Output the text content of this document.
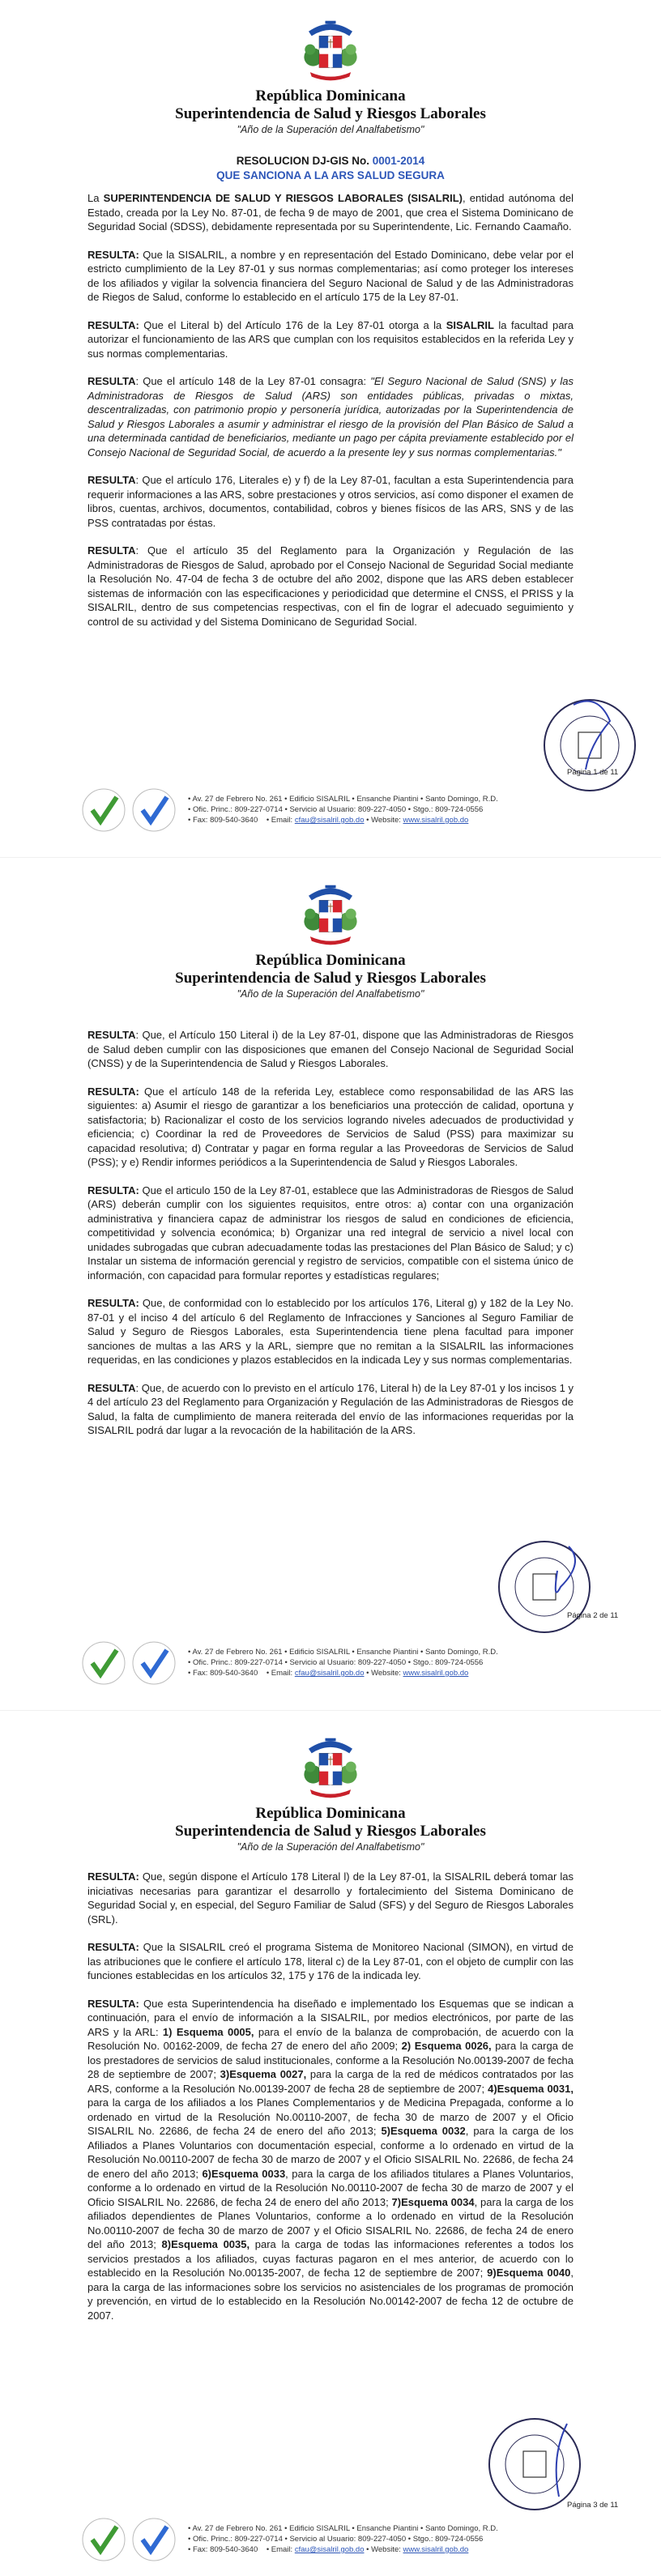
República Dominicana
Superintendencia de Salud y Riesgos Laborales
"Año de la Superación del Analfabetismo"
RESOLUCION DJ-GIS No. 0001-2014
QUE SANCIONA A LA ARS SALUD SEGURA

La SUPERINTENDENCIA DE SALUD Y RIESGOS LABORALES (SISALRIL), entidad autónoma del Estado, creada por la Ley No. 87-01, de fecha 9 de mayo de 2001, que crea el Sistema Dominicano de Seguridad Social (SDSS), debidamente representada por su Superintendente, Lic. Fernando Caamaño.

RESULTA: Que la SISALRIL, a nombre y en representación del Estado Dominicano, debe velar por el estricto cumplimiento de la Ley 87-01 y sus normas complementarias; así como proteger los intereses de los afiliados y vigilar la solvencia financiera del Seguro Nacional de Salud y de las Administradoras de Riegos de Salud, conforme lo establecido en el artículo 175 de la Ley 87-01.

RESULTA: Que el Literal b) del Artículo 176 de la Ley 87-01 otorga a la SISALRIL la facultad para autorizar el funcionamiento de las ARS que cumplan con los requisitos establecidos en la referida Ley y sus normas complementarias.

RESULTA: Que el artículo 148 de la Ley 87-01 consagra: "El Seguro Nacional de Salud (SNS) y las Administradoras de Riesgos de Salud (ARS) son entidades públicas, privadas o mixtas, descentralizadas, con patrimonio propio y personería jurídica, autorizadas por la Superintendencia de Salud y Riesgos Laborales a asumir y administrar el riesgo de la provisión del Plan Básico de Salud a una determinada cantidad de beneficiarios, mediante un pago per cápita previamente establecido por el Consejo Nacional de Seguridad Social, de acuerdo a la presente ley y sus normas complementarias."

RESULTA: Que el artículo 176, Literales e) y f) de la Ley 87-01, facultan a esta Superintendencia para requerir informaciones a las ARS, sobre prestaciones y otros servicios, así como disponer el examen de libros, cuentas, archivos, documentos, contabilidad, cobros y bienes físicos de las ARS, SNS y de las PSS contratadas por éstas.

RESULTA: Que el artículo 35 del Reglamento para la Organización y Regulación de las Administradoras de Riesgos de Salud, aprobado por el Consejo Nacional de Seguridad Social mediante la Resolución No. 47-04 de fecha 3 de octubre del año 2002, dispone que las ARS deben establecer sistemas de información con las especificaciones y periodicidad que determine el CNSS, el PRISS y la SISALRIL, dentro de sus competencias respectivas, con el fin de lograr el adecuado seguimiento y control de su actividad y del Sistema Dominicano de Seguridad Social.

Página 1 de 11
• Av. 27 de Febrero No. 261 • Edificio SISALRIL • Ensanche Piantini • Santo Domingo, R.D.
• Ofic. Princ.: 809-227-0714 • Servicio al Usuario: 809-227-4050 • Stgo.: 809-724-0556
• Fax: 809-540-3640 • Email: cfau@sisalril.gob.do • Website: www.sisalril.gob.do
República Dominicana
Superintendencia de Salud y Riesgos Laborales
"Año de la Superación del Analfabetismo"

RESULTA: Que, el Artículo 150 Literal i) de la Ley 87-01, dispone que las Administradoras de Riesgos de Salud deben cumplir con las disposiciones que emanen del Consejo Nacional de Seguridad Social (CNSS) y de la Superintendencia de Salud y Riesgos Laborales.

RESULTA: Que el artículo 148 de la referida Ley, establece como responsabilidad de las ARS las siguientes: a) Asumir el riesgo de garantizar a los beneficiarios una protección de calidad, oportuna y satisfactoria; b) Racionalizar el costo de los servicios logrando niveles adecuados de productividad y eficiencia; c) Coordinar la red de Proveedores de Servicios de Salud (PSS) para maximizar su capacidad resolutiva; d) Contratar y pagar en forma regular a las Proveedoras de Servicios de Salud (PSS); y e) Rendir informes periódicos a la Superintendencia de Salud y Riesgos Laborales.

RESULTA: Que el articulo 150 de la Ley 87-01, establece que las Administradoras de Riesgos de Salud (ARS) deberán cumplir con los siguientes requisitos, entre otros: a) contar con una organización administrativa y financiera capaz de administrar los riesgos de salud en condiciones de eficiencia, competitividad y solvencia económica; b) Organizar una red integral de servicio a nivel local con unidades subrogadas que cubran adecuadamente todas las prestaciones del Plan Básico de Salud; y c) Instalar un sistema de información gerencial y registro de servicios, compatible con el sistema único de información, con capacidad para formular reportes y estadísticas regulares;

RESULTA: Que, de conformidad con lo establecido por los artículos 176, Literal g) y 182 de la Ley No. 87-01 y el inciso 4 del artículo 6 del Reglamento de Infracciones y Sanciones al Seguro Familiar de Salud y Seguro de Riesgos Laborales, esta Superintendencia tiene plena facultad para imponer sanciones de multas a las ARS y la ARL, siempre que no remitan a la SISALRIL las informaciones requeridas, en las condiciones y plazos establecidos en la indicada Ley y sus normas complementarias.

RESULTA: Que, de acuerdo con lo previsto en el artículo 176, Literal h) de la Ley 87-01 y los incisos 1 y 4 del artículo 23 del Reglamento para Organización y Regulación de las Administradoras de Riesgos de Salud, la falta de cumplimiento de manera reiterada del envío de las informaciones requeridas por la SISALRIL podrá dar lugar a la revocación de la habilitación de la ARS.

Página 2 de 11
• Av. 27 de Febrero No. 261 • Edificio SISALRIL • Ensanche Piantini • Santo Domingo, R.D.
• Ofic. Princ.: 809-227-0714 • Servicio al Usuario: 809-227-4050 • Stgo.: 809-724-0556
• Fax: 809-540-3640 • Email: cfau@sisalril.gob.do • Website: www.sisalril.gob.do
República Dominicana
Superintendencia de Salud y Riesgos Laborales
"Año de la Superación del Analfabetismo"

RESULTA: Que, según dispone el Artículo 178 Literal l) de la Ley 87-01, la SISALRIL deberá tomar las iniciativas necesarias para garantizar el desarrollo y fortalecimiento del Sistema Dominicano de Seguridad Social y, en especial, del Seguro Familiar de Salud (SFS) y del Seguro de Riesgos Laborales (SRL).

RESULTA: Que la SISALRIL creó el programa Sistema de Monitoreo Nacional (SIMON), en virtud de las atribuciones que le confiere el artículo 178, literal c) de la Ley 87-01, con el objeto de cumplir con las funciones establecidas en los artículos 32, 175 y 176 de la indicada ley.

RESULTA: Que esta Superintendencia ha diseñado e implementado los Esquemas que se indican a continuación, para el envío de información a la SISALRIL, por medios electrónicos, por parte de las ARS y la ARL: 1) Esquema 0005, para el envío de la balanza de comprobación, de acuerdo con la Resolución No. 00162-2009, de fecha 27 de enero del año 2009; 2) Esquema 0026, para la carga de los prestadores de servicios de salud institucionales, conforme a la Resolución No.00139-2007 de fecha 28 de septiembre de 2007; 3)Esquema 0027, para la carga de la red de médicos contratados por las ARS, conforme a la Resolución No.00139-2007 de fecha 28 de septiembre de 2007; 4)Esquema 0031, para la carga de los afiliados a los Planes Complementarios y de Medicina Prepagada, conforme a lo ordenado en virtud de la Resolución No.00110-2007, de fecha 30 de marzo de 2007 y el Oficio SISALRIL No. 22686, de fecha 24 de enero del año 2013; 5)Esquema 0032, para la carga de los Afiliados a Planes Voluntarios con documentación especial, conforme a lo ordenado en virtud de la Resolución No.00110-2007 de fecha 30 de marzo de 2007 y el Oficio SISALRIL No. 22686, de fecha 24 de enero del año 2013; 6)Esquema 0033, para la carga de los afiliados titulares a Planes Voluntarios, conforme a lo ordenado en virtud de la Resolución No.00110-2007 de fecha 30 de marzo de 2007 y el Oficio SISALRIL No. 22686, de fecha 24 de enero del año 2013; 7)Esquema 0034, para la carga de los afiliados dependientes de Planes Voluntarios, conforme a lo ordenado en virtud de la Resolución No.00110-2007 de fecha 30 de marzo de 2007 y el Oficio SISALRIL No. 22686, de fecha 24 de enero del año 2013; 8)Esquema 0035, para la carga de todas las informaciones referentes a todos los servicios prestados a los afiliados, cuyas facturas pagaron en el mes anterior, de acuerdo con lo establecido en la Resolución No.00135-2007, de fecha 12 de septiembre de 2007; 9)Esquema 0040, para la carga de las informaciones sobre los servicios no asistenciales de los programas de promoción y prevención, en virtud de lo establecido en la Resolución No.00142-2007 de fecha 12 de octubre de 2007.

Página 3 de 11
• Av. 27 de Febrero No. 261 • Edificio SISALRIL • Ensanche Piantini • Santo Domingo, R.D.
• Ofic. Princ.: 809-227-0714 • Servicio al Usuario: 809-227-4050 • Stgo.: 809-724-0556
• Fax: 809-540-3640 • Email: cfau@sisalril.gob.do • Website: www.sisalril.gob.do
